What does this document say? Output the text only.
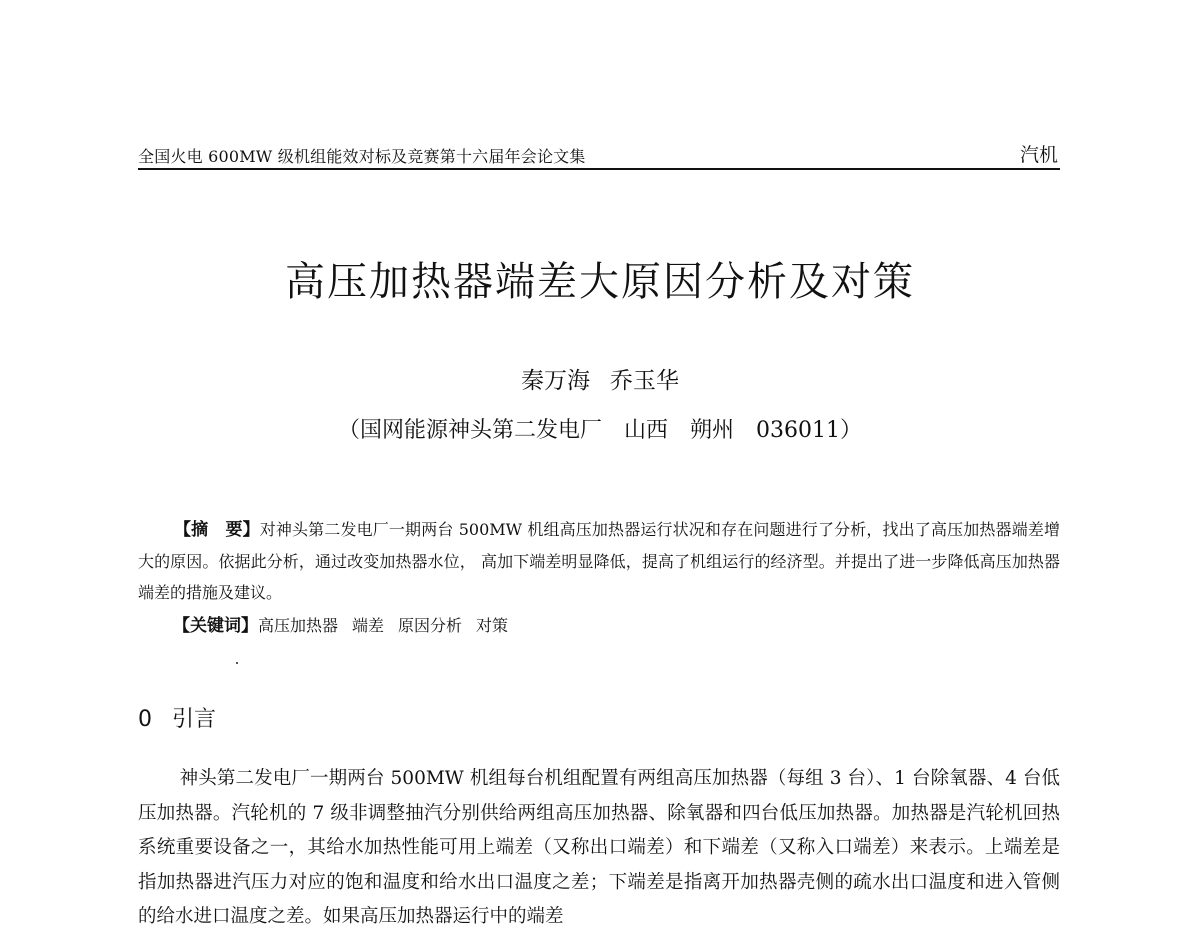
全国火电 600MW 级机组能效对标及竞赛第十六届年会论文集	汽机
高压加热器端差大原因分析及对策
秦万海 乔玉华
（国网能源神头第二发电厂　山西　朔州　036011）

【摘　要】对神头第二发电厂一期两台 500MW 机组高压加热器运行状况和存在问题进行了分析，找出了高压加热器端差增大的原因。依据此分析，通过改变加热器水位， 高加下端差明显降低，提高了机组运行的经济型。并提出了进一步降低高压加热器端差的措施及建议。

【关键词】高压加热器 端差 原因分析 对策
0 引言

神头第二发电厂一期两台 500MW 机组每台机组配置有两组高压加热器（每组 3 台）、1 台除氧器、4 台低压加热器。汽轮机的 7 级非调整抽汽分别供给两组高压加热器、除氧器和四台低压加热器。加热器是汽轮机回热系统重要设备之一，其给水加热性能可用上端差（又称出口端差）和下端差（又称入口端差）来表示。上端差是指加热器进汽压力对应的饱和温度和给水出口温度之差；下端差是指离开加热器壳侧的疏水出口温度和进入管侧的给水进口温度之差。如果高压加热器运行中的端差
